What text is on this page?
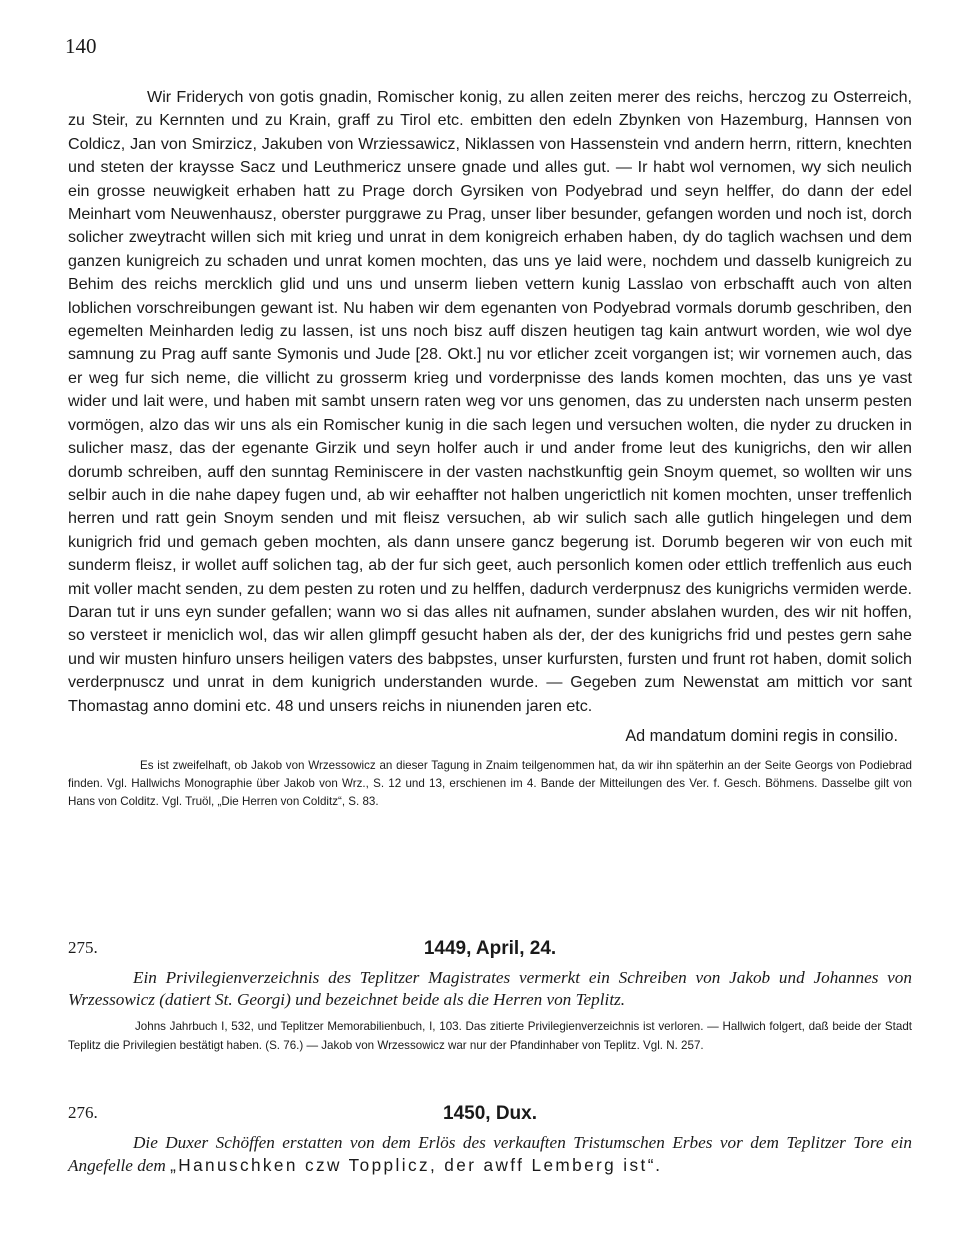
140

Wir Friderych von gotis gnadin, Romischer konig, zu allen zeiten merer des reichs, herczog zu Osterreich, zu Steir, zu Kernnten und zu Krain, graff zu Tirol etc. embitten den edeln Zbynken von Hazemburg, Hannsen von Coldicz, Jan von Smirzicz, Jakuben von Wrziessawicz, Niklassen von Hassenstein vnd andern herrn, rittern, knechten und steten der kraysse Sacz und Leuthmericz unsere gnade und alles gut. — Ir habt wol vernomen, wy sich neulich ein grosse neuwigkeit erhaben hatt zu Prage dorch Gyrsiken von Podyebrad und seyn helffer, do dann der edel Meinhart vom Neuwenhausz, oberster purggrawe zu Prag, unser liber besunder, gefangen worden und noch ist, dorch solicher zweytracht willen sich mit krieg und unrat in dem konigreich erhaben haben, dy do taglich wachsen und dem ganzen kunigreich zu schaden und unrat komen mochten, das uns ye laid were, nochdem und dasselb kunigreich zu Behim des reichs mercklich glid und uns und unserm lieben vettern kunig Lasslao von erbschafft auch von alten loblichen vorschreibungen gewant ist. Nu haben wir dem egenanten von Podyebrad vormals dorumb geschriben, den egemelten Meinharden ledig zu lassen, ist uns noch bisz auff diszen heutigen tag kain antwurt worden, wie wol dye samnung zu Prag auff sante Symonis und Jude [28. Okt.] nu vor etlicher zceit vorgangen ist; wir vornemen auch, das er weg fur sich neme, die villicht zu grosserm krieg und vorderpnisse des lands komen mochten, das uns ye vast wider und lait were, und haben mit sambt unsern raten weg vor uns genomen, das zu understen nach unserm pesten vormögen, alzo das wir uns als ein Romischer kunig in die sach legen und versuchen wolten, die nyder zu drucken in sulicher masz, das der egenante Girzik und seyn holfer auch ir und ander frome leut des kunigrichs, den wir allen dorumb schreiben, auff den sunntag Reminiscere in der vasten nachstkunftig gein Snoym quemet, so wollten wir uns selbir auch in die nahe dapey fugen und, ab wir eehaffter not halben ungerictlich nit komen mochten, unser treffenlich herren und ratt gein Snoym senden und mit fleisz versuchen, ab wir sulich sach alle gutlich hingelegen und dem kunigrich frid und gemach geben mochten, als dann unsere gancz begerung ist. Dorumb begeren wir von euch mit sunderm fleisz, ir wollet auff solichen tag, ab der fur sich geet, auch personlich komen oder ettlich treffenlich aus euch mit voller macht senden, zu dem pesten zu roten und zu helffen, dadurch verderpnusz des kunigrichs vermiden werde. Daran tut ir uns eyn sunder gefallen; wann wo si das alles nit aufnamen, sunder abslahen wurden, des wir nit hoffen, so versteet ir meniclich wol, das wir allen glimpff gesucht haben als der, der des kunigrichs frid und pestes gern sahe und wir musten hinfuro unsers heiligen vaters des babpstes, unser kurfursten, fursten und frunt rot haben, domit solich verderpnuscz und unrat in dem kunigrich understanden wurde. — Gegeben zum Newenstat am mittich vor sant Thomastag anno domini etc. 48 und unsers reichs in niunenden jaren etc.

Ad mandatum domini regis in consilio.

Es ist zweifelhaft, ob Jakob von Wrzessowicz an dieser Tagung in Znaim teilgenommen hat, da wir ihn späterhin an der Seite Georgs von Podiebrad finden. Vgl. Hallwichs Monographie über Jakob von Wrz., S. 12 und 13, erschienen im 4. Bande der Mitteilungen des Ver. f. Gesch. Böhmens. Dasselbe gilt von Hans von Colditz. Vgl. Truöl, „Die Herren von Colditz“, S. 83.

275.	1449, April, 24.

Ein Privilegienverzeichnis des Teplitzer Magistrates vermerkt ein Schreiben von Jakob und Johannes von Wrzessowicz (datiert St. Georgi) und bezeichnet beide als die Herren von Teplitz.

Johns Jahrbuch I, 532, und Teplitzer Memorabilienbuch, I, 103. Das zitierte Privilegienverzeichnis ist verloren. — Hallwich folgert, daß beide der Stadt Teplitz die Privilegien bestätigt haben. (S. 76.) — Jakob von Wrzessowicz war nur der Pfandinhaber von Teplitz. Vgl. N. 257.

276.	1450, Dux.

Die Duxer Schöffen erstatten von dem Erlös des verkauften Tristumschen Erbes vor dem Teplitzer Tore ein Angefelle dem „Hanuschken czw Topplicz, der awff Lemberg ist“.
